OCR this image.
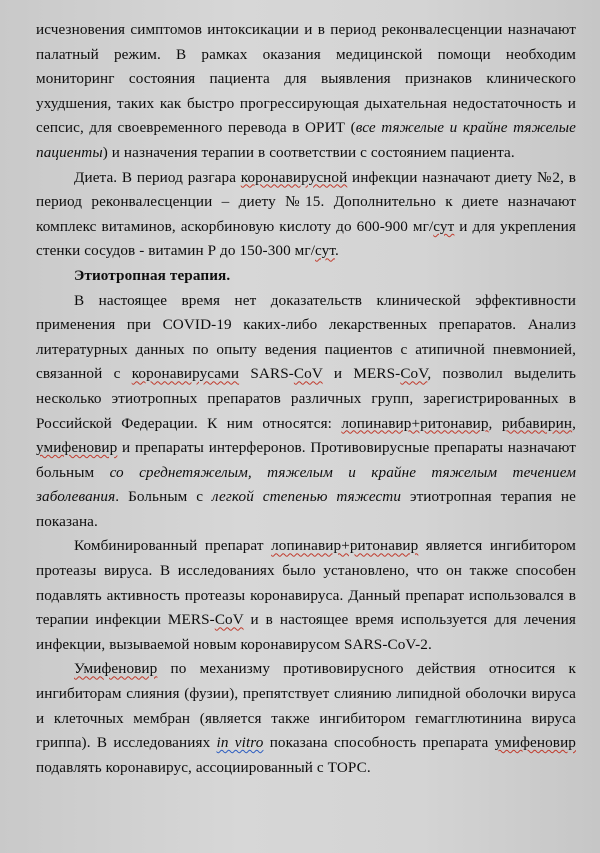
исчезновения симптомов интоксикации и в период реконвалесценции назначают палатный режим. В рамках оказания медицинской помощи необходим мониторинг состояния пациента для выявления признаков клинического ухудшения, таких как быстро прогрессирующая дыхательная недостаточность и сепсис, для своевременного перевода в ОРИТ (все тяжелые и крайне тяжелые пациенты) и назначения терапии в соответствии с состоянием пациента.

Диета. В период разгара коронавирусной инфекции назначают диету №2, в период реконвалесценции – диету №15. Дополнительно к диете назначают комплекс витаминов, аскорбиновую кислоту до 600-900 мг/сут и для укрепления стенки сосудов - витамин Р до 150-300 мг/сут.

Этиотропная терапия.

В настоящее время нет доказательств клинической эффективности применения при COVID-19 каких-либо лекарственных препаратов. Анализ литературных данных по опыту ведения пациентов с атипичной пневмонией, связанной с коронавирусами SARS-CoV и MERS-CoV, позволил выделить несколько этиотропных препаратов различных групп, зарегистрированных в Российской Федерации. К ним относятся: лопинавир+ритонавир, рибавирин, умифеновир и препараты интерферонов. Противовирусные препараты назначают больным со среднетяжелым, тяжелым и крайне тяжелым течением заболевания. Больным с легкой степенью тяжести этиотропная терапия не показана.

Комбинированный препарат лопинавир+ритонавир является ингибитором протеазы вируса. В исследованиях было установлено, что он также способен подавлять активность протеазы коронавируса. Данный препарат использовался в терапии инфекции MERS-CoV и в настоящее время используется для лечения инфекции, вызываемой новым коронавирусом SARS-CoV-2.

Умифеновир по механизму противовирусного действия относится к ингибиторам слияния (фузии), препятствует слиянию липидной оболочки вируса и клеточных мембран (является также ингибитором гемагглютинина вируса гриппа). В исследованиях in vitro показана способность препарата умифеновир подавлять коронавирус, ассоциированный с ТОРС.
